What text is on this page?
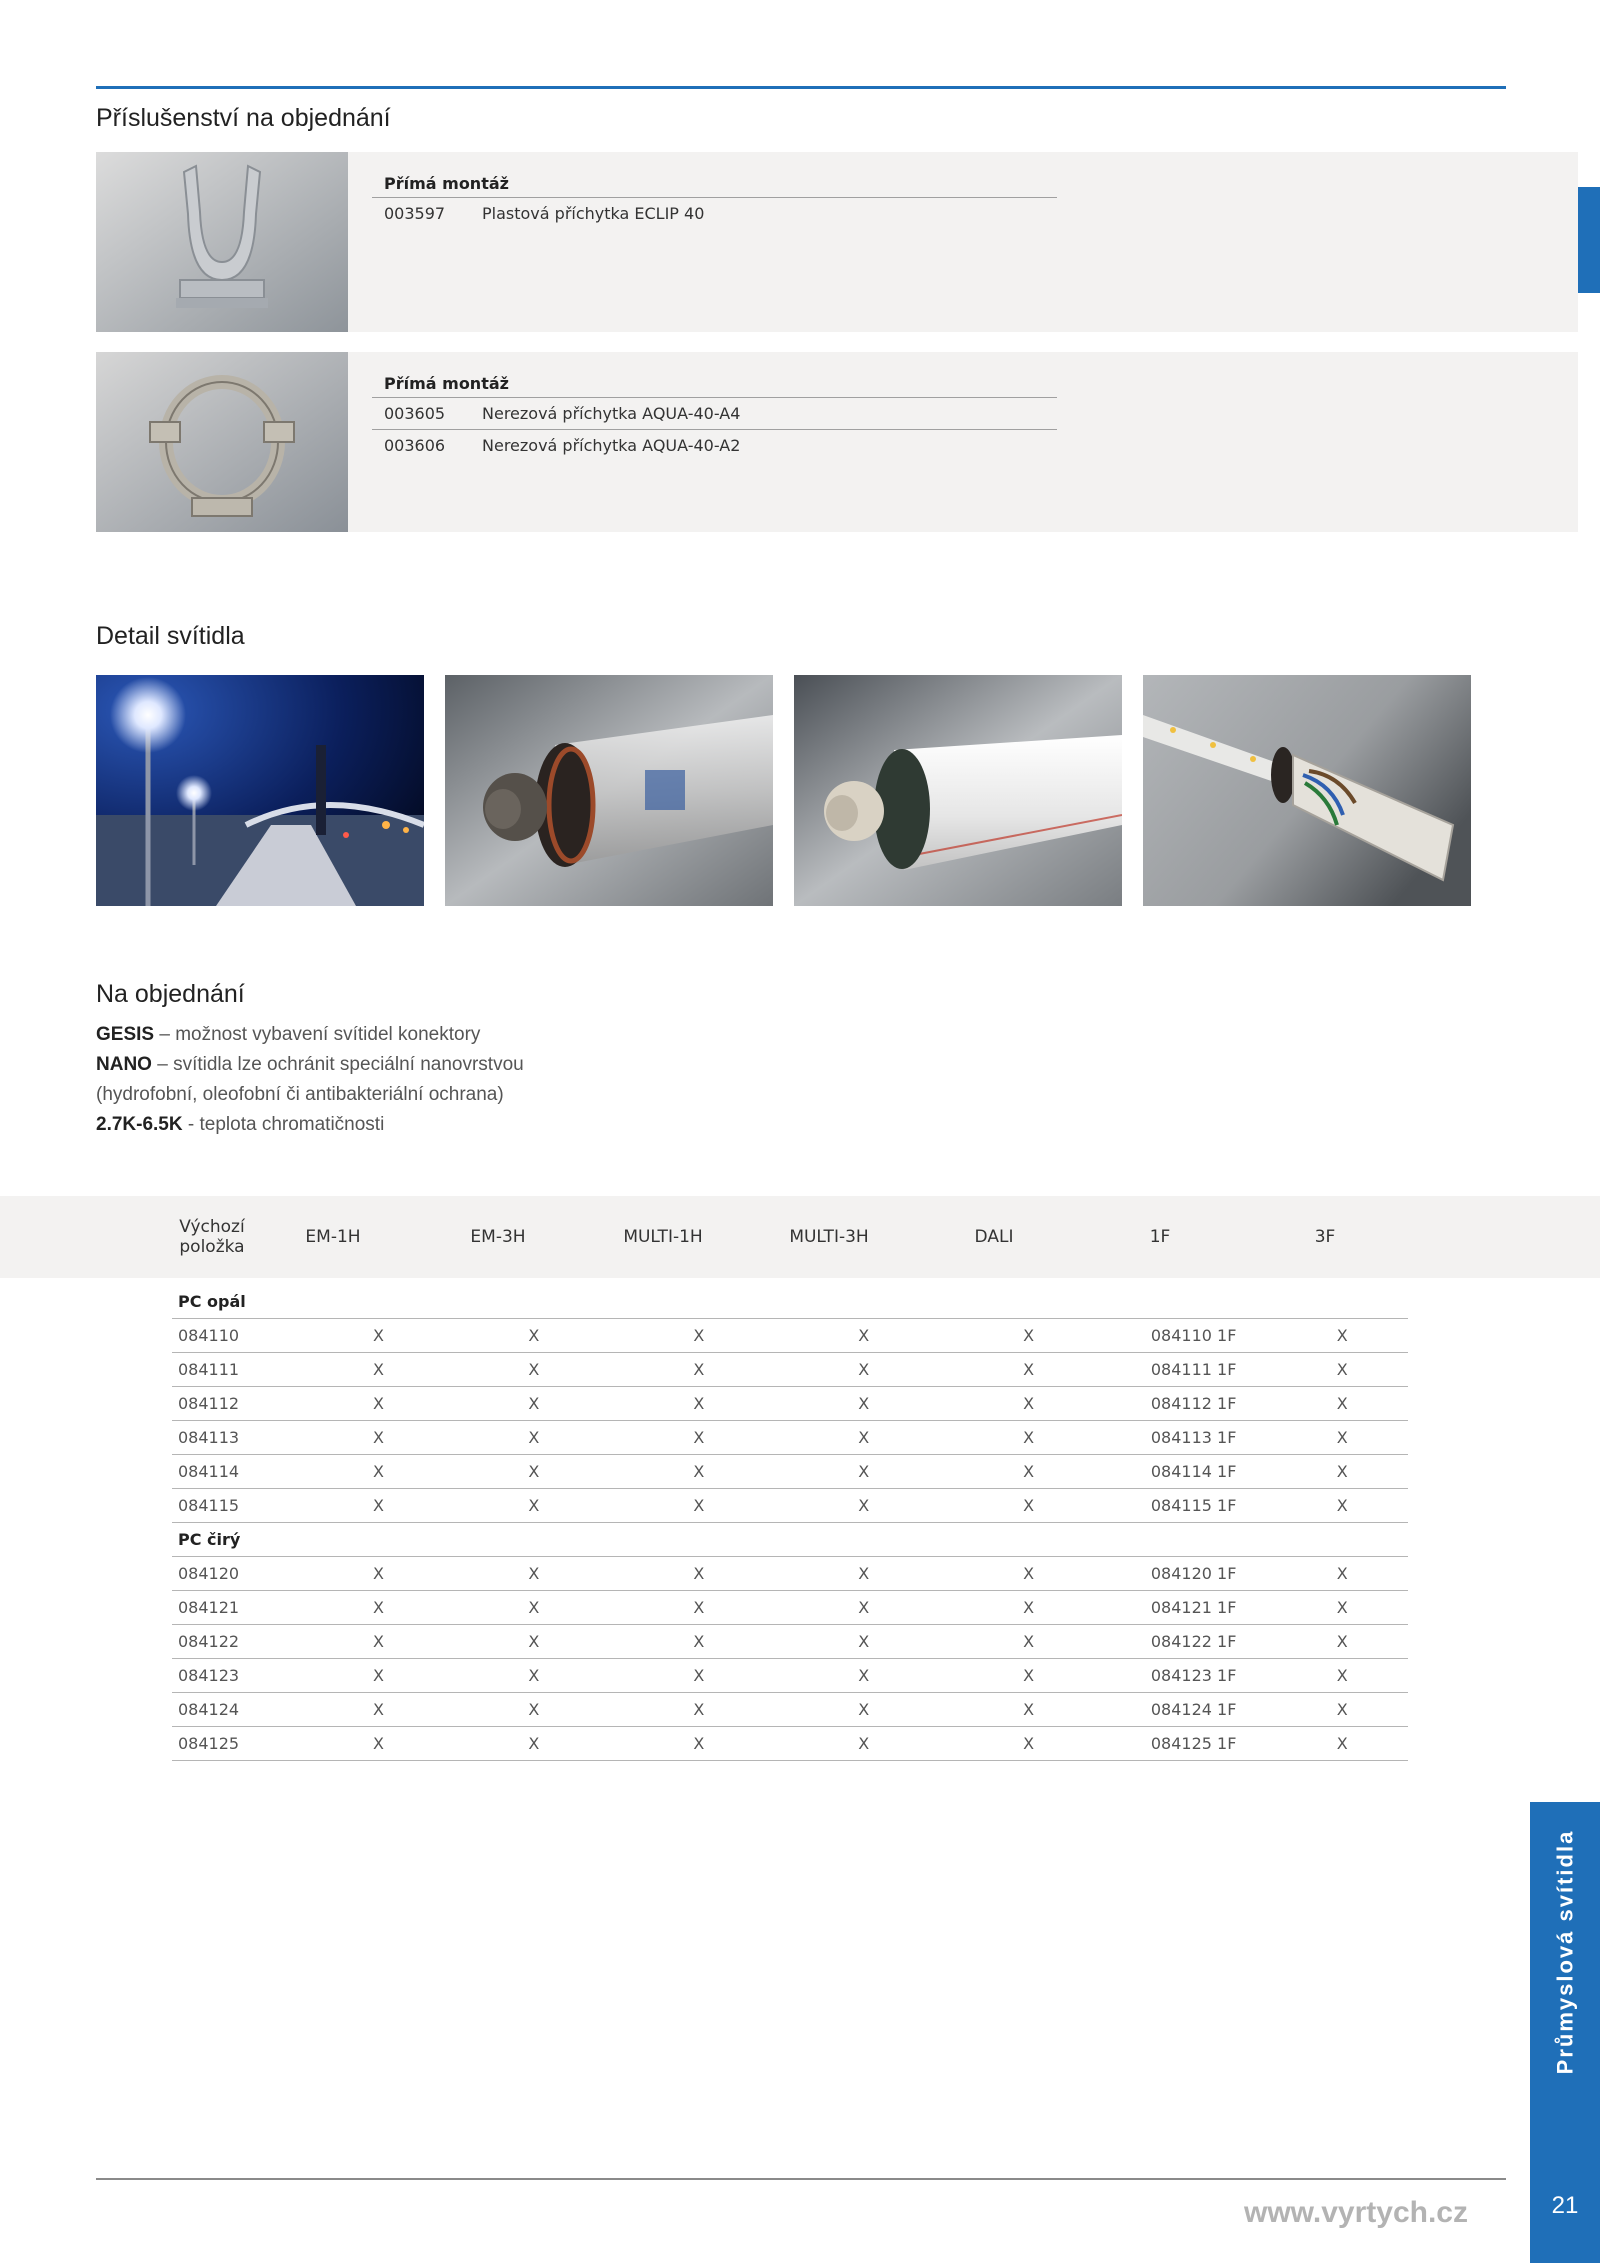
Příslušenství na objednání
Přímá montáž
003597	Plastová příchytka ECLIP 40
Přímá montáž	
003605	Nerezová příchytka AQUA-40-A4
003606	Nerezová příchytka AQUA-40-A2
Detail svítidla
Na objednání
GESIS – možnost vybavení svítidel konektory
NANO – svítidla lze ochránit speciální nanovrstvou
(hydrofobní, oleofobní či antibakteriální ochrana)
2.7K-6.5K - teplota chromatičnosti
Výchozí
položka	EM-1H	EM-3H	MULTI-1H	MULTI-3H	DALI	1F	3F
PC opál							
084110	X	X	X	X	X	084110 1F	X
084111	X	X	X	X	X	084111 1F	X
084112	X	X	X	X	X	084112 1F	X
084113	X	X	X	X	X	084113 1F	X
084114	X	X	X	X	X	084114 1F	X
084115	X	X	X	X	X	084115 1F	X
PC čirý							
084120	X	X	X	X	X	084120 1F	X
084121	X	X	X	X	X	084121 1F	X
084122	X	X	X	X	X	084122 1F	X
084123	X	X	X	X	X	084123 1F	X
084124	X	X	X	X	X	084124 1F	X
084125	X	X	X	X	X	084125 1F	X
Průmyslová svítidla
www.vyrtych.cz	21
